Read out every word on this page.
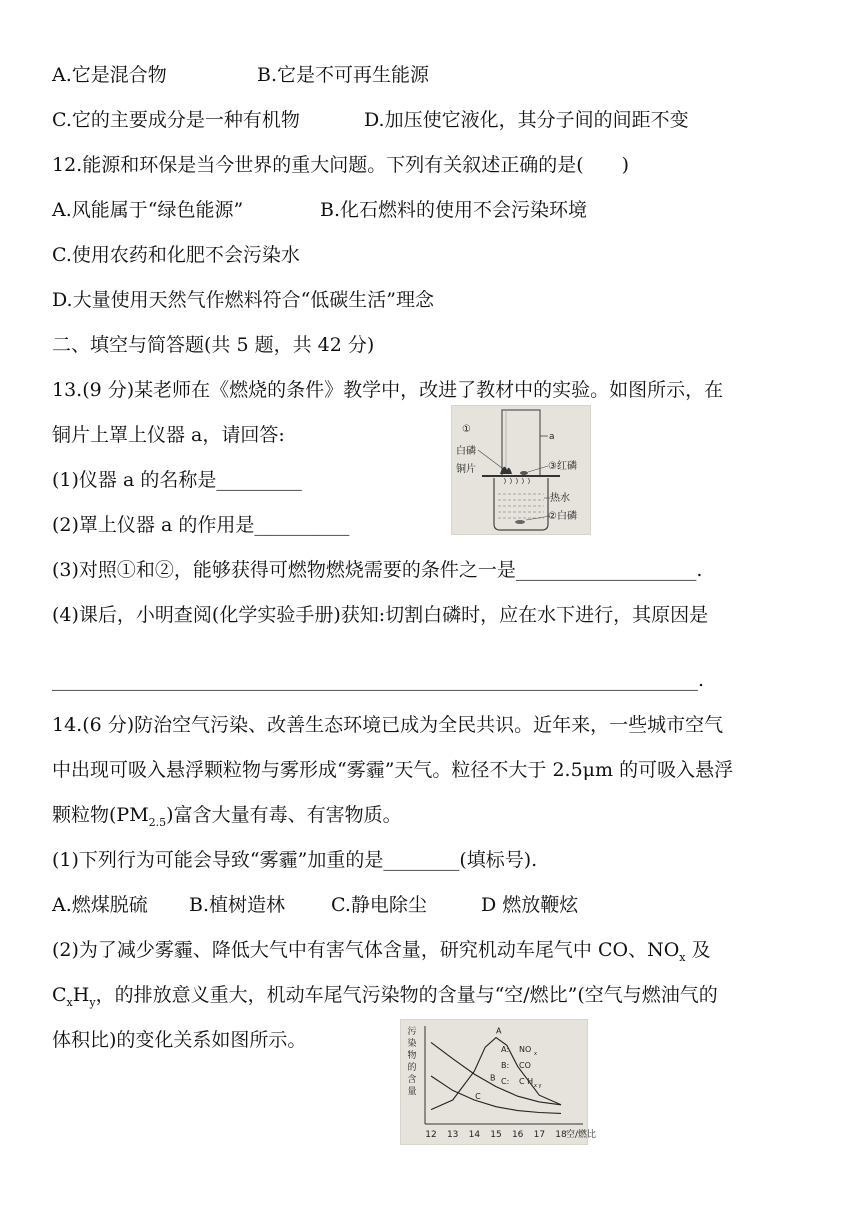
A.它是混合物	B.它是不可再生能源
C.它的主要成分是一种有机物	D.加压使它液化，其分子间的间距不变
12.能源和环保是当今世界的重大问题。下列有关叙述正确的是(　　)
A.风能属于“绿色能源”	B.化石燃料的使用不会污染环境
C.使用农药和化肥不会污染水
D.大量使用天然气作燃料符合“低碳生活”理念
二、填空与简答题(共 5 题，共 42 分)
13.(9 分)某老师在《燃烧的条件》教学中，改进了教材中的实验。如图所示，在
铜片上罩上仪器 a，请回答:
(1)仪器 a 的名称是_________
(2)罩上仪器 a 的作用是__________
(3)对照①和②，能够获得可燃物燃烧需要的条件之一是___________________.
(4)课后，小明查阅(化学实验手册)获知:切割白磷时，应在水下进行，其原因是
____________________________________________________________________.
a
①
白磷
铜片	③红磷
热水
②白磷
14.(6 分)防治空气污染、改善生态环境已成为全民共识。近年来，一些城市空气
中出现可吸入悬浮颗粒物与雾形成“雾霾”天气。粒径不大于 2.5μm 的可吸入悬浮
颗粒物$(PM_{2.5})$富含大量有毒、有害物质。
(1)下列行为可能会导致“雾霾”加重的是________(填标号).
A.燃煤脱硫 B.植树造林 C.静电除尘	D 燃放鞭炫
(2)为了减少雾霾、降低大气中有害气体含量，研究机动车尾气中 CO、$NO_x$ 及
$C_xH_y$，的排放意义重大，机动车尾气污染物的含量与“空/燃比”(空气与燃油气的
体积比)的变化关系如图所示。	污
染
物
的
含
量
A
B
C
12 13 14 15 16 17 18 空/燃比
A: NO x
B: CO
C: C H x y
